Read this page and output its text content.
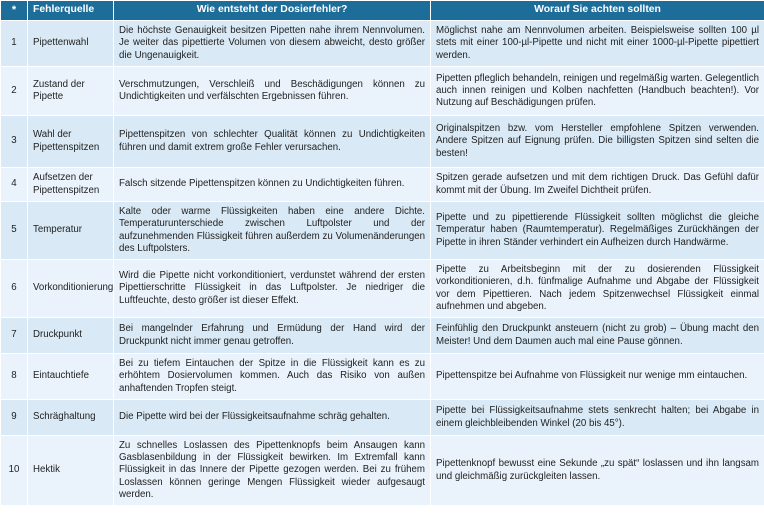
*	Fehlerquelle	Wie entsteht der Dosierfehler?	Worauf Sie achten sollten
1	Pipettenwahl	Die höchste Genauigkeit besitzen Pipetten nahe ihrem Nennvolumen. Je weiter das pipettierte Volumen von diesem abweicht, desto größer die Ungenauigkeit.	Möglichst nahe am Nennvolumen arbeiten. Beispielsweise sollten 100 µl stets mit einer 100-µl-Pipette und nicht mit einer 1000-µl-Pipette pipettiert werden.
2	Zustand der Pipette	Verschmutzungen, Verschleiß und Beschädigungen können zu Undichtigkeiten und verfälschten Ergebnissen führen.	Pipetten pfleglich behandeln, reinigen und regelmäßig warten. Gelegentlich auch innen reinigen und Kolben nachfetten (Handbuch beachten!). Vor Nutzung auf Beschädigungen prüfen.
3	Wahl der Pipettenspitzen	Pipettenspitzen von schlechter Qualität können zu Undichtigkeiten führen und damit extrem große Fehler verursachen.	Originalspitzen bzw. vom Hersteller empfohlene Spitzen verwenden. Andere Spitzen auf Eignung prüfen. Die billigsten Spitzen sind selten die besten!
4	Aufsetzen der Pipettenspitzen	Falsch sitzende Pipettenspitzen können zu Undichtigkeiten führen.	Spitzen gerade aufsetzen und mit dem richtigen Druck. Das Gefühl dafür kommt mit der Übung. Im Zweifel Dichtheit prüfen.
5	Temperatur	Kalte oder warme Flüssigkeiten haben eine andere Dichte. Temperaturunterschiede zwischen Luftpolster und der aufzunehmenden Flüssigkeit führen außerdem zu Volumenänderungen des Luftpolsters.	Pipette und zu pipettierende Flüssigkeit sollten möglichst die gleiche Temperatur haben (Raumtemperatur). Regelmäßiges Zurückhängen der Pipette in ihren Ständer verhindert ein Aufheizen durch Handwärme.
6	Vorkonditionierung	Wird die Pipette nicht vorkonditioniert, verdunstet während der ersten Pipettierschritte Flüssigkeit in das Luftpolster. Je niedriger die Luftfeuchte, desto größer ist dieser Effekt.	Pipette zu Arbeitsbeginn mit der zu dosierenden Flüssigkeit vorkonditionieren, d.h. fünfmalige Aufnahme und Abgabe der Flüssigkeit vor dem Pipettieren. Nach jedem Spitzenwechsel Flüssigkeit einmal aufnehmen und abgeben.
7	Druckpunkt	Bei mangelnder Erfahrung und Ermüdung der Hand wird der Druckpunkt nicht immer genau getroffen.	Feinfühlig den Druckpunkt ansteuern (nicht zu grob) – Übung macht den Meister! Und dem Daumen auch mal eine Pause gönnen.
8	Eintauchtiefe	Bei zu tiefem Eintauchen der Spitze in die Flüssigkeit kann es zu erhöhtem Dosiervolumen kommen. Auch das Risiko von außen anhaftenden Tropfen steigt.	Pipettenspitze bei Aufnahme von Flüssigkeit nur wenige mm eintauchen.
9	Schräghaltung	Die Pipette wird bei der Flüssigkeitsaufnahme schräg gehalten.	Pipette bei Flüssigkeitsaufnahme stets senkrecht halten; bei Abgabe in einem gleichbleibenden Winkel (20 bis 45°).
10	Hektik	Zu schnelles Loslassen des Pipettenknopfs beim Ansaugen kann Gasblasenbildung in der Flüssigkeit bewirken. Im Extremfall kann Flüssigkeit in das Innere der Pipette gezogen werden. Bei zu frühem Loslassen können geringe Mengen Flüssigkeit wieder aufgesaugt werden.	Pipettenknopf bewusst eine Sekunde „zu spät“ loslassen und ihn langsam und gleichmäßig zurückgleiten lassen.
